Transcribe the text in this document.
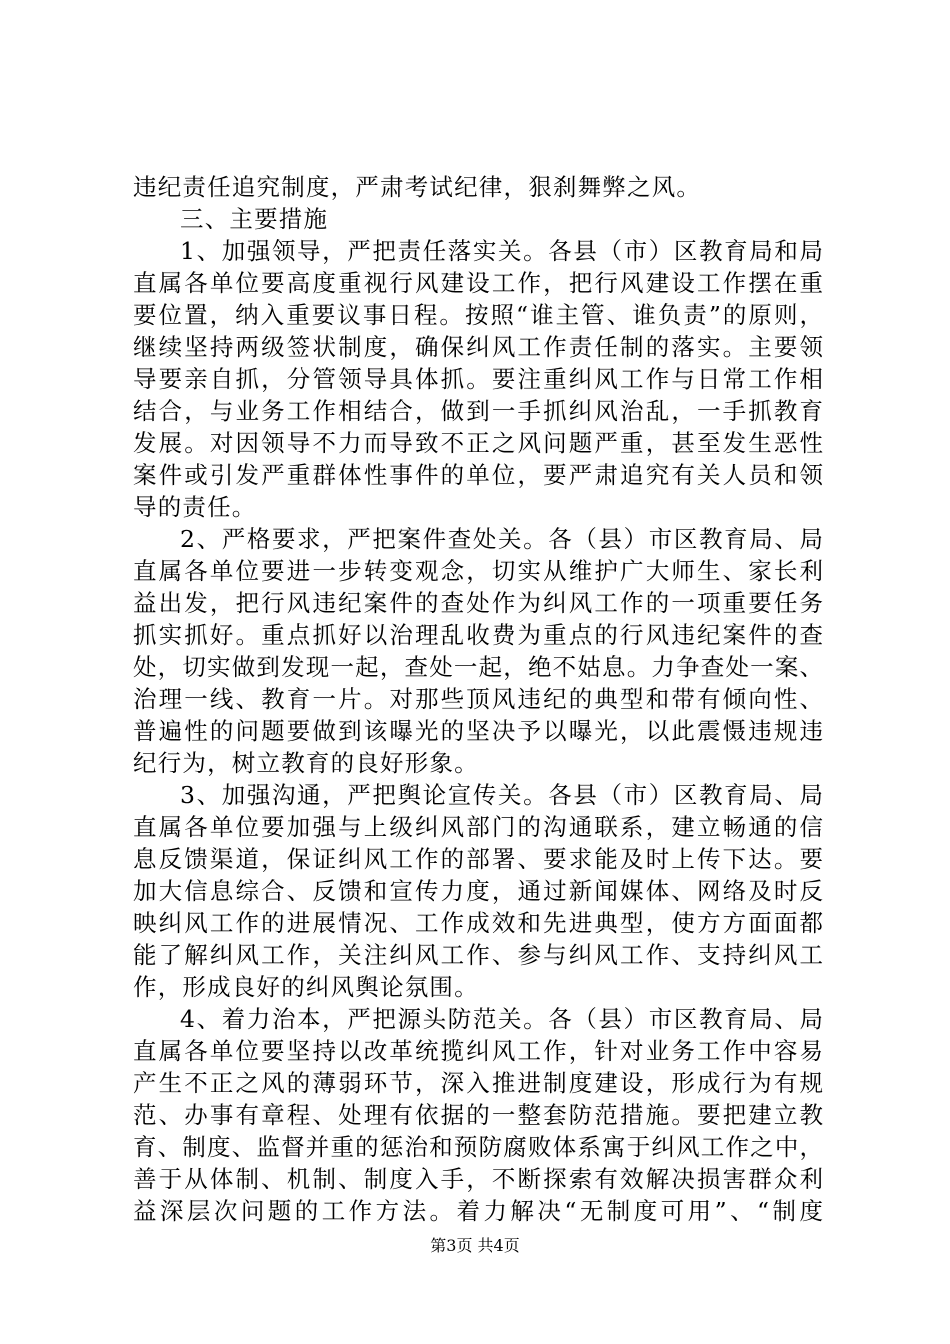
违纪责任追究制度，严肃考试纪律，狠刹舞弊之风。
三、主要措施
1、加强领导，严把责任落实关。各县（市）区教育局和局
直属各单位要高度重视行风建设工作，把行风建设工作摆在重
要位置，纳入重要议事日程。按照“谁主管、谁负责”的原则，
继续坚持两级签状制度，确保纠风工作责任制的落实。主要领
导要亲自抓，分管领导具体抓。要注重纠风工作与日常工作相
结合，与业务工作相结合，做到一手抓纠风治乱，一手抓教育
发展。对因领导不力而导致不正之风问题严重，甚至发生恶性
案件或引发严重群体性事件的单位，要严肃追究有关人员和领
导的责任。
2、严格要求，严把案件查处关。各（县）市区教育局、局
直属各单位要进一步转变观念，切实从维护广大师生、家长利
益出发，把行风违纪案件的查处作为纠风工作的一项重要任务
抓实抓好。重点抓好以治理乱收费为重点的行风违纪案件的查
处，切实做到发现一起，查处一起，绝不姑息。力争查处一案、
治理一线、教育一片。对那些顶风违纪的典型和带有倾向性、
普遍性的问题要做到该曝光的坚决予以曝光，以此震慑违规违
纪行为，树立教育的良好形象。
3、加强沟通，严把舆论宣传关。各县（市）区教育局、局
直属各单位要加强与上级纠风部门的沟通联系，建立畅通的信
息反馈渠道，保证纠风工作的部署、要求能及时上传下达。要
加大信息综合、反馈和宣传力度，通过新闻媒体、网络及时反
映纠风工作的进展情况、工作成效和先进典型，使方方面面都
能了解纠风工作，关注纠风工作、参与纠风工作、支持纠风工
作，形成良好的纠风舆论氛围。
4、着力治本，严把源头防范关。各（县）市区教育局、局
直属各单位要坚持以改革统揽纠风工作，针对业务工作中容易
产生不正之风的薄弱环节，深入推进制度建设，形成行为有规
范、办事有章程、处理有依据的一整套防范措施。要把建立教
育、制度、监督并重的惩治和预防腐败体系寓于纠风工作之中，
善于从体制、机制、制度入手，不断探索有效解决损害群众利
益深层次问题的工作方法。着力解决“无制度可用”、“制度
第3页 共4页
